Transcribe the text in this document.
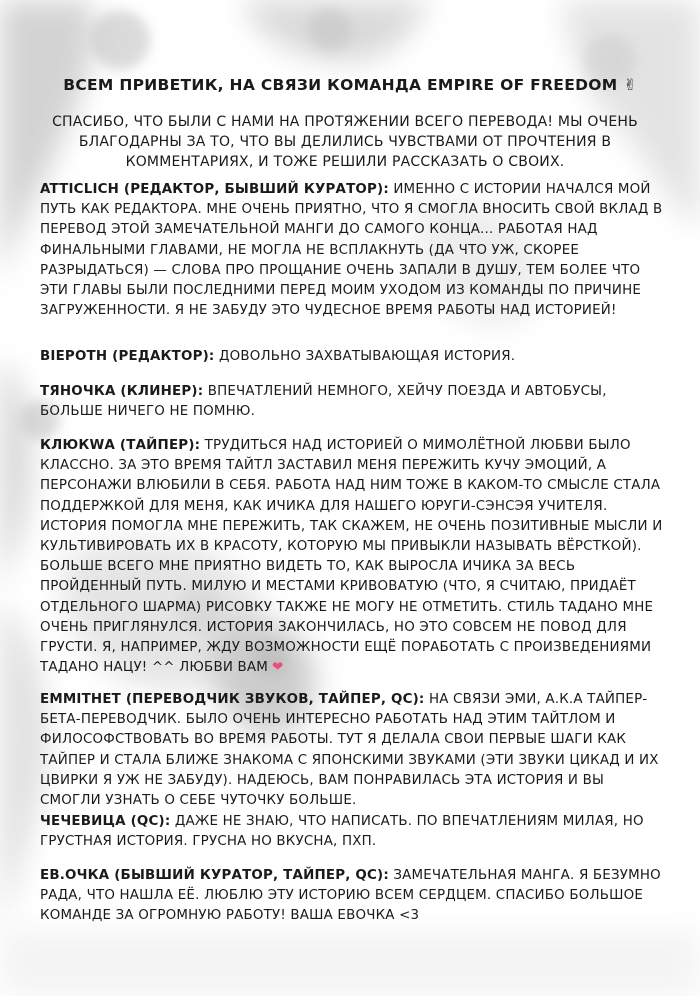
ВСЕМ ПРИВЕТИК, НА СВЯЗИ КОМАНДА EMPIRE OF FREEDOM ✌
СПАСИБО, ЧТО БЫЛИ С НАМИ НА ПРОТЯЖЕНИИ ВСЕГО ПЕРЕВОДА! МЫ ОЧЕНЬ БЛАГОДАРНЫ ЗА ТО, ЧТО ВЫ ДЕЛИЛИСЬ ЧУВСТВАМИ ОТ ПРОЧТЕНИЯ В КОММЕНТАРИЯХ, И ТОЖЕ РЕШИЛИ РАССКАЗАТЬ О СВОИХ.
ATTICLICH (РЕДАКТОР, БЫВШИЙ КУРАТОР): ИМЕННО С ИСТОРИИ НАЧАЛСЯ МОЙ ПУТЬ КАК РЕДАКТОРА. МНЕ ОЧЕНЬ ПРИЯТНО, ЧТО Я СМОГЛА ВНОСИТЬ СВОЙ ВКЛАД В ПЕРЕВОД ЭТОЙ ЗАМЕЧАТЕЛЬНОЙ МАНГИ ДО САМОГО КОНЦА... РАБОТАЯ НАД ФИНАЛЬНЫМИ ГЛАВАМИ, НЕ МОГЛА НЕ ВСПЛАКНУТЬ (ДА ЧТО УЖ, СКОРЕЕ РАЗРЫДАТЬСЯ) — СЛОВА ПРО ПРОЩАНИЕ ОЧЕНЬ ЗАПАЛИ В ДУШУ, ТЕМ БОЛЕЕ ЧТО ЭТИ ГЛАВЫ БЫЛИ ПОСЛЕДНИМИ ПЕРЕД МОИМ УХОДОМ ИЗ КОМАНДЫ ПО ПРИЧИНЕ ЗАГРУЖЕННОСТИ. Я НЕ ЗАБУДУ ЭТО ЧУДЕСНОЕ ВРЕМЯ РАБОТЫ НАД ИСТОРИЕЙ!
BIEPOTH (РЕДАКТОР): ДОВОЛЬНО ЗАХВАТЫВАЮЩАЯ ИСТОРИЯ.
ТЯНОЧКА (КЛИНЕР): ВПЕЧАТЛЕНИЙ НЕМНОГО, ХЕЙЧУ ПОЕЗДА И АВТОБУСЫ, БОЛЬШЕ НИЧЕГО НЕ ПОМНЮ.
КЛЮКWА (ТАЙПЕР): ТРУДИТЬСЯ НАД ИСТОРИЕЙ О МИМОЛЁТНОЙ ЛЮБВИ БЫЛО КЛАССНО. ЗА ЭТО ВРЕМЯ ТАЙТЛ ЗАСТАВИЛ МЕНЯ ПЕРЕЖИТЬ КУЧУ ЭМОЦИЙ, А ПЕРСОНАЖИ ВЛЮБИЛИ В СЕБЯ. РАБОТА НАД НИМ ТОЖЕ В КАКОМ-ТО СМЫСЛЕ СТАЛА ПОДДЕРЖКОЙ ДЛЯ МЕНЯ, КАК ИЧИКА ДЛЯ НАШЕГО ЮРУГИ-СЭНСЭЯ УЧИТЕЛЯ. ИСТОРИЯ ПОМОГЛА МНЕ ПЕРЕЖИТЬ, ТАК СКАЖЕМ, НЕ ОЧЕНЬ ПОЗИТИВНЫЕ МЫСЛИ И КУЛЬТИВИРОВАТЬ ИХ В КРАСОТУ, КОТОРУЮ МЫ ПРИВЫКЛИ НАЗЫВАТЬ ВЁРСТКОЙ). БОЛЬШЕ ВСЕГО МНЕ ПРИЯТНО ВИДЕТЬ ТО, КАК ВЫРОСЛА ИЧИКА ЗА ВЕСЬ ПРОЙДЕННЫЙ ПУТЬ. МИЛУЮ И МЕСТАМИ КРИВОВАТУЮ (ЧТО, Я СЧИТАЮ, ПРИДАЁТ ОТДЕЛЬНОГО ШАРМА) РИСОВКУ ТАКЖЕ НЕ МОГУ НЕ ОТМЕТИТЬ. СТИЛЬ ТАДАНО МНЕ ОЧЕНЬ ПРИГЛЯНУЛСЯ. ИСТОРИЯ ЗАКОНЧИЛАСЬ, НО ЭТО СОВСЕМ НЕ ПОВОД ДЛЯ ГРУСТИ. Я, НАПРИМЕР, ЖДУ ВОЗМОЖНОСТИ ЕЩЁ ПОРАБОТАТЬ С ПРОИЗВЕДЕНИЯМИ ТАДАНО НАЦУ! ^^ ЛЮБВИ ВАМ ❤
EMMITHET (ПЕРЕВОДЧИК ЗВУКОВ, ТАЙПЕР, QC): НА СВЯЗИ ЭМИ, А.К.А ТАЙПЕР-БЕТА-ПЕРЕВОДЧИК. БЫЛО ОЧЕНЬ ИНТЕРЕСНО РАБОТАТЬ НАД ЭТИМ ТАЙТЛОМ И ФИЛОСОФСТВОВАТЬ ВО ВРЕМЯ РАБОТЫ. ТУТ Я ДЕЛАЛА СВОИ ПЕРВЫЕ ШАГИ КАК ТАЙПЕР И СТАЛА БЛИЖЕ ЗНАКОМА С ЯПОНСКИМИ ЗВУКАМИ (ЭТИ ЗВУКИ ЦИКАД И ИХ ЦВИРКИ Я УЖ НЕ ЗАБУДУ). НАДЕЮСЬ, ВАМ ПОНРАВИЛАСЬ ЭТА ИСТОРИЯ И ВЫ СМОГЛИ УЗНАТЬ О СЕБЕ ЧУТОЧКУ БОЛЬШЕ.
ЧЕЧЕВИЦА (QC): ДАЖЕ НЕ ЗНАЮ, ЧТО НАПИСАТЬ. ПО ВПЕЧАТЛЕНИЯМ МИЛАЯ, НО ГРУСТНАЯ ИСТОРИЯ. ГРУСНА НО ВКУСНА, ПХП.
EB.ОЧКА (БЫВШИЙ КУРАТОР, ТАЙПЕР, QC): ЗАМЕЧАТЕЛЬНАЯ МАНГА. Я БЕЗУМНО РАДА, ЧТО НАШЛА ЕЁ. ЛЮБЛЮ ЭТУ ИСТОРИЮ ВСЕМ СЕРДЦЕМ. СПАСИБО БОЛЬШОЕ КОМАНДЕ ЗА ОГРОМНУЮ РАБОТУ! ВАША ЕВОЧКА <3
